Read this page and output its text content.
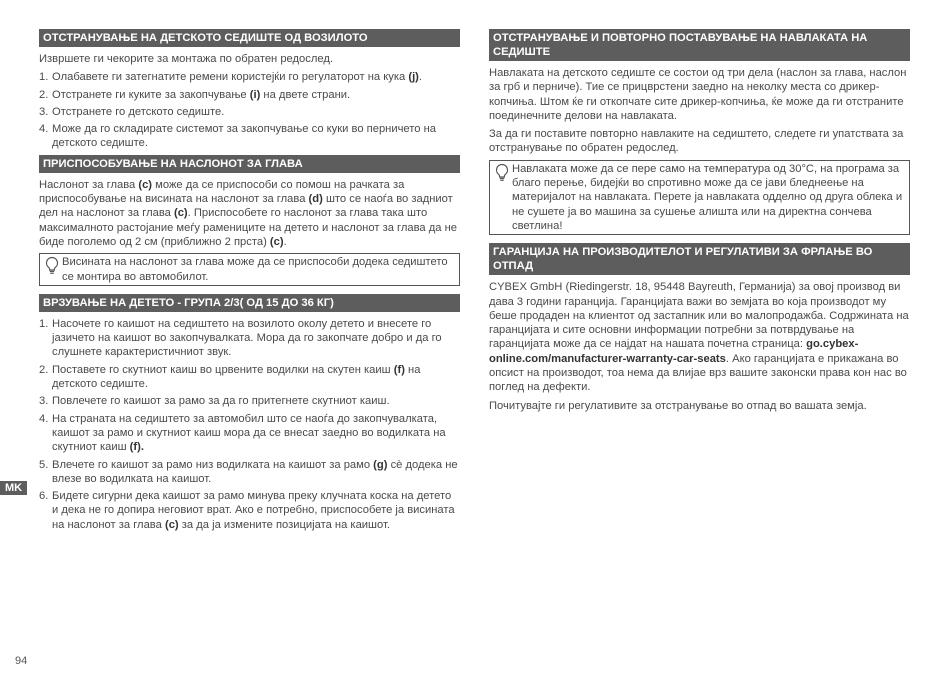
ОТСТРАНУВАЊЕ НА ДЕТСКОТО СЕДИШТЕ ОД ВОЗИЛОТО

Извршете ги чекорите за монтажа по обратен редослед.

1. Олабавете ги затегнатите ремени користејќи го регулаторот на кука (j).
2. Отстранете ги куките за закопчување (i) на двете страни.
3. Отстранете го детското седиште.
4. Може да го складирате системот за закопчување со куки во перничето на детското седиште.
ПРИСПОСОБУВАЊЕ НА НАСЛОНОТ ЗА ГЛАВА

Наслонот за глава (c) може да се приспособи со помош на рачката за приспособување на висината на наслонот за глава (d) што се наоѓа во задниот дел на наслонот за глава (c). Приспособете го наслонот за глава така што максималното растојание меѓу рамениците на детето и наслонот за глава да не биде поголемо од 2 см (приближно 2 прста) (c).

Висината на наслонот за глава може да се приспособи додека седиштето се монтира во автомобилот.
ВРЗУВАЊЕ НА ДЕТЕТО - ГРУПА 2/3( ОД 15 ДО 36 КГ)
1. Насочете го каишот на седиштето на возилото околу детето и внесете го јазичето на каишот во закопчувалката. Мора да го закопчате добро и да го слушнете карактеристичниот звук.
2. Поставете го скутниот каиш во црвените водилки на скутен каиш (f) на детското седиште.
3. Повлечете го каишот за рамо за да го притегнете скутниот каиш.
4. На страната на седиштето за автомобил што се наоѓа до закопчувалката, каишот за рамо и скутниот каиш мора да се внесат заедно во водилката на скутниот каиш (f).
5. Влечете го каишот за рамо низ водилката на каишот за рамо (g) сè додека не влезе во водилката на каишот.
6. Бидете сигурни дека каишот за рамо минува преку клучната коска на детето и дека не го допира неговиот врат. Ако е потребно, приспособете ја висината на наслонот за глава (c) за да ја измените позицијата на каишот.
ОТСТРАНУВАЊЕ И ПОВТОРНО ПОСТАВУВАЊЕ НА НАВЛАКАТА НА СЕДИШТЕ

Навлаката на детското седиште се состои од три дела (наслон за глава, наслон за грб и перниче). Тие се прицврстени заедно на неколку места со дрикер-копчиња. Штом ќе ги откопчате сите дрикер-копчиња, ќе може да ги отстраните поединечните делови на навлаката.

За да ги поставите повторно навлаките на седиштето, следете ги упатствата за отстранување по обратен редослед.

Навлаката може да се пере само на температура од 30°C, на програма за благо перење, бидејќи во спротивно може да се јави бледнеење на материјалот на навлаката. Перете ја навлаката одделно од друга облека и не сушете ја во машина за сушење алишта или на директна сончева светлина!
ГАРАНЦИЈА НА ПРОИЗВОДИТЕЛОТ И РЕГУЛАТИВИ ЗА ФРЛАЊЕ ВО ОТПАД

CYBEX GmbH (Riedingerstr. 18, 95448 Bayreuth, Германија) за овој производ ви дава 3 години гаранција. Гаранцијата важи во земјата во која производот му беше продаден на клиентот од застапник или во малопродажба. Содржината на гаранцијата и сите основни информации потребни за потврдување на гаранцијата може да се најдат на нашата почетна страница: go.cybex-online.com/manufacturer-warranty-car-seats. Ако гаранцијата е прикажана во опсист на производот, тоа нема да влијае врз вашите законски права кон нас во поглед на дефекти.

Почитувајте ги регулативите за отстранување во отпад во вашата земја.

MK
94
